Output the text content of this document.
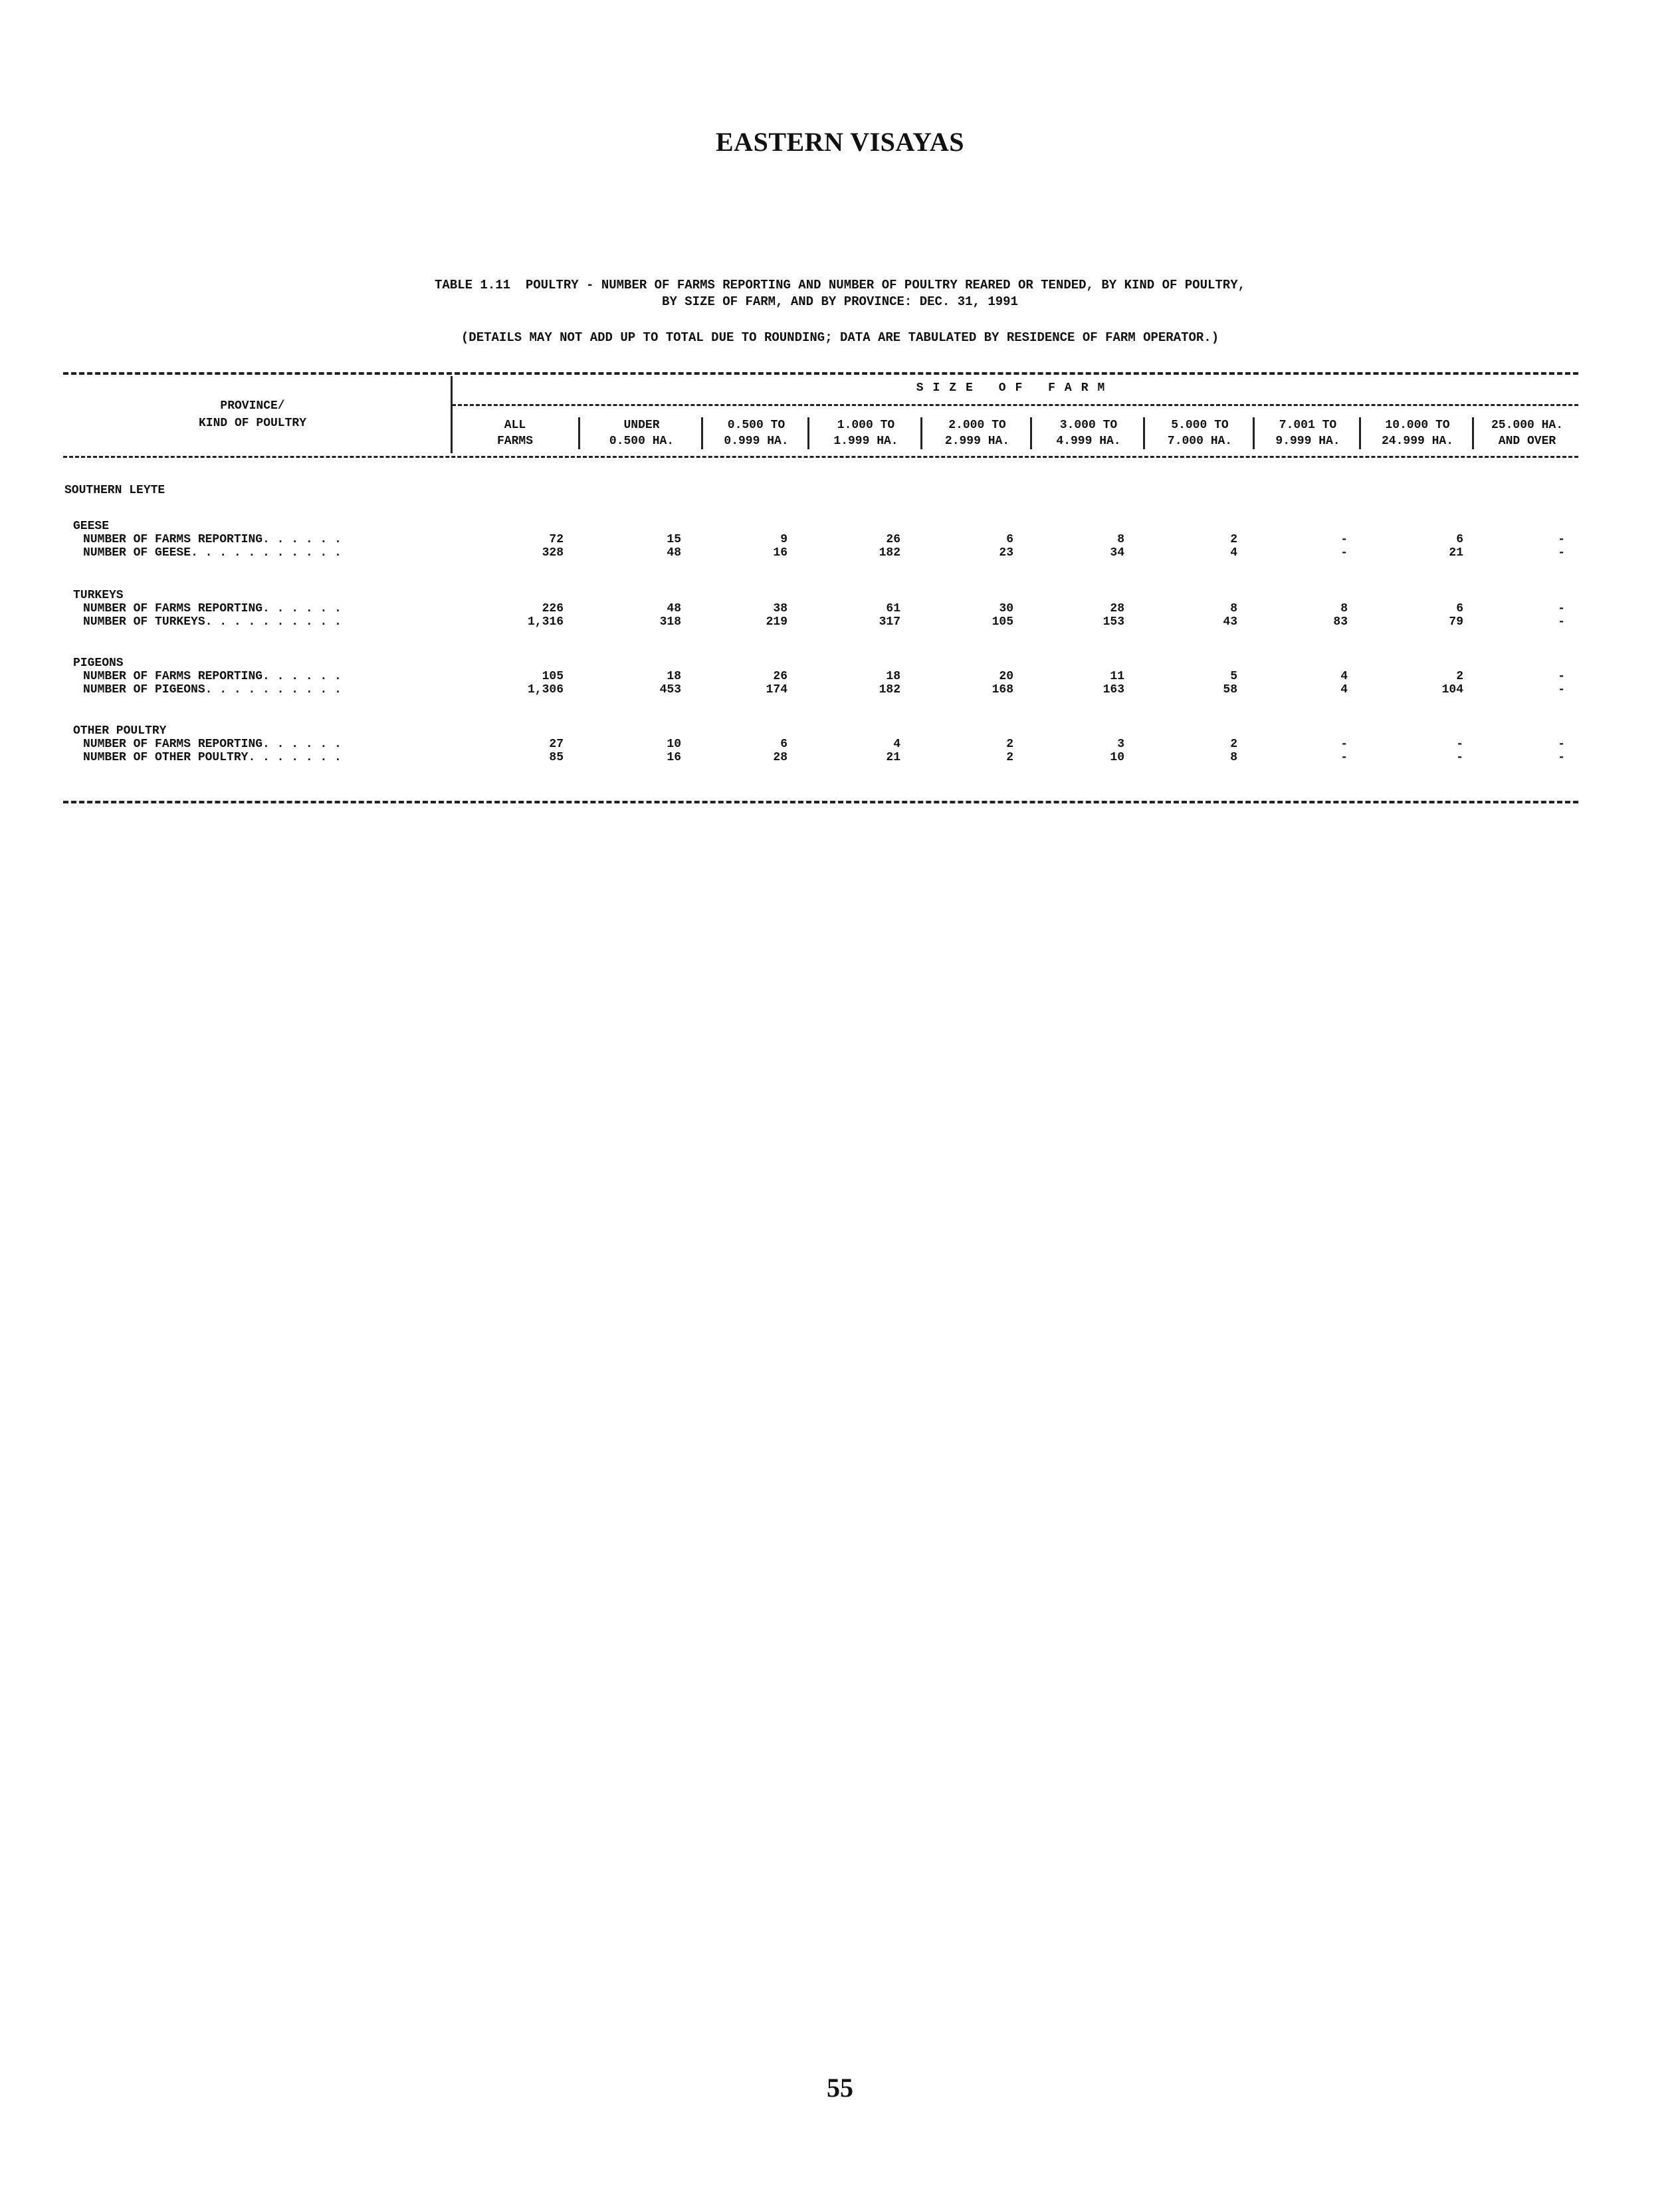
EASTERN VISAYAS
TABLE 1.11  POULTRY - NUMBER OF FARMS REPORTING AND NUMBER OF POULTRY REARED OR TENDED, BY KIND OF POULTRY,
BY SIZE OF FARM, AND BY PROVINCE: DEC. 31, 1991
(DETAILS MAY NOT ADD UP TO TOTAL DUE TO ROUNDING; DATA ARE TABULATED BY RESIDENCE OF FARM OPERATOR.)
PROVINCE/
KIND OF POULTRY
SIZE OF FARM
ALL
FARMS
UNDER
0.500 HA.
0.500 TO
0.999 HA.
1.000 TO
1.999 HA.
2.000 TO
2.999 HA.
3.000 TO
4.999 HA.
5.000 TO
7.000 HA.
7.001 TO
9.999 HA.
10.000 TO
24.999 HA.
25.000 HA.
AND OVER
SOUTHERN LEYTE
GEESE
NUMBER OF FARMS REPORTING. . . . . .	72	15	9	26	6	8	2	-	6	-
NUMBER OF GEESE. . . . . . . . . . .	328	48	16	182	23	34	4	-	21	-
TURKEYS
NUMBER OF FARMS REPORTING. . . . . .	226	48	38	61	30	28	8	8	6	-
NUMBER OF TURKEYS. . . . . . . . . .	1,316	318	219	317	105	153	43	83	79	-
PIGEONS
NUMBER OF FARMS REPORTING. . . . . .	105	18	26	18	20	11	5	4	2	-
NUMBER OF PIGEONS. . . . . . . . . .	1,306	453	174	182	168	163	58	4	104	-
OTHER POULTRY
NUMBER OF FARMS REPORTING. . . . . .	27	10	6	4	2	3	2	-	-	-
NUMBER OF OTHER POULTRY. . . . . . .	85	16	28	21	2	10	8	-	-	-
55
